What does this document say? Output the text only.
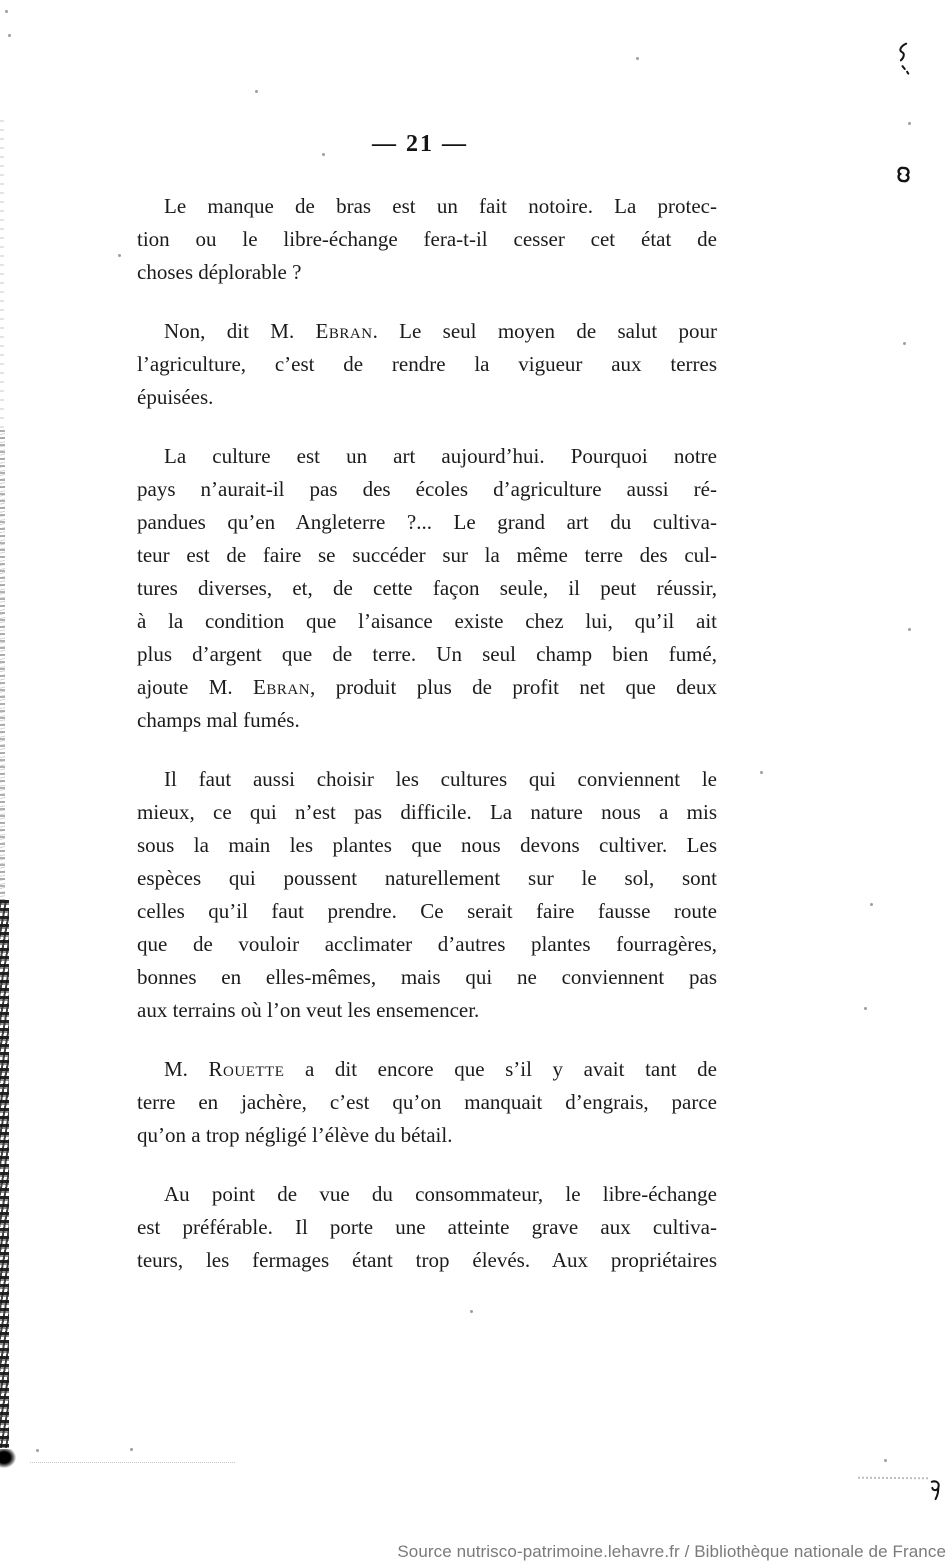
— 21 —
Le manque de bras est un fait notoire. La protec-
tion ou le libre-échange fera-t-il cesser cet état de
choses déplorable ?
Non, dit M. Ebran. Le seul moyen de salut pour
l’agriculture, c’est de rendre la vigueur aux terres
épuisées.
La culture est un art aujourd’hui. Pourquoi notre
pays n’aurait-il pas des écoles d’agriculture aussi ré-
pandues qu’en Angleterre ?... Le grand art du cultiva-
teur est de faire se succéder sur la même terre des cul-
tures diverses, et, de cette façon seule, il peut réussir,
à la condition que l’aisance existe chez lui, qu’il ait
plus d’argent que de terre. Un seul champ bien fumé,
ajoute M. Ebran, produit plus de profit net que deux
champs mal fumés.
Il faut aussi choisir les cultures qui conviennent le
mieux, ce qui n’est pas difficile. La nature nous a mis
sous la main les plantes que nous devons cultiver. Les
espèces qui poussent naturellement sur le sol, sont
celles qu’il faut prendre. Ce serait faire fausse route
que de vouloir acclimater d’autres plantes fourragères,
bonnes en elles-mêmes, mais qui ne conviennent pas
aux terrains où l’on veut les ensemencer.
M. Rouette a dit encore que s’il y avait tant de
terre en jachère, c’est qu’on manquait d’engrais, parce
qu’on a trop négligé l’élève du bétail.
Au point de vue du consommateur, le libre-échange
est préférable. Il porte une atteinte grave aux cultiva-
teurs, les fermages étant trop élevés. Aux propriétaires
Source nutrisco-patrimoine.lehavre.fr / Bibliothèque nationale de France
